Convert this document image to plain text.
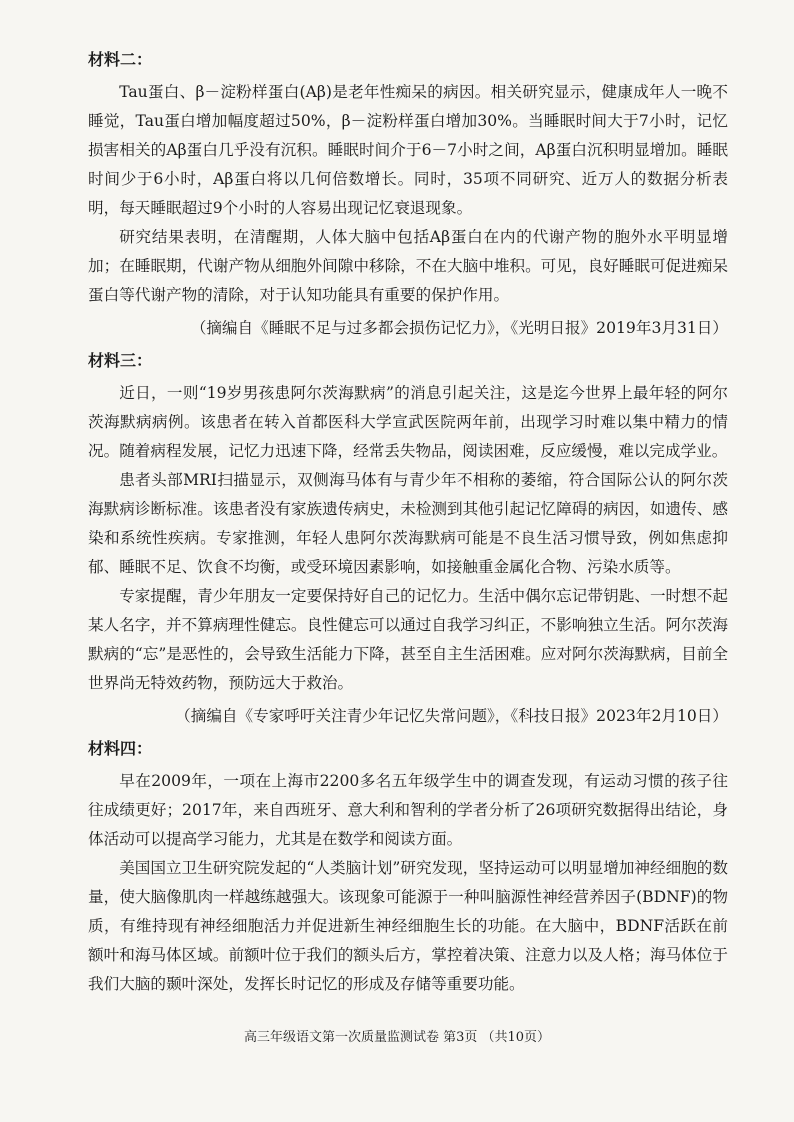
材料二：

Tau蛋白、β－淀粉样蛋白(Aβ)是老年性痴呆的病因。相关研究显示，健康成年人一晚不睡觉，Tau蛋白增加幅度超过50%，β－淀粉样蛋白增加30%。当睡眠时间大于7小时，记忆损害相关的Aβ蛋白几乎没有沉积。睡眠时间介于6－7小时之间，Aβ蛋白沉积明显增加。睡眠时间少于6小时，Aβ蛋白将以几何倍数增长。同时，35项不同研究、近万人的数据分析表明，每天睡眠超过9个小时的人容易出现记忆衰退现象。

研究结果表明，在清醒期，人体大脑中包括Aβ蛋白在内的代谢产物的胞外水平明显增加；在睡眠期，代谢产物从细胞外间隙中移除，不在大脑中堆积。可见，良好睡眠可促进痴呆蛋白等代谢产物的清除，对于认知功能具有重要的保护作用。

（摘编自《睡眠不足与过多都会损伤记忆力》，《光明日报》2019年3月31日）
材料三：

近日，一则“19岁男孩患阿尔茨海默病”的消息引起关注，这是迄今世界上最年轻的阿尔茨海默病病例。该患者在转入首都医科大学宣武医院两年前，出现学习时难以集中精力的情况。随着病程发展，记忆力迅速下降，经常丢失物品，阅读困难，反应缓慢，难以完成学业。

患者头部MRI扫描显示，双侧海马体有与青少年不相称的萎缩，符合国际公认的阿尔茨海默病诊断标准。该患者没有家族遗传病史，未检测到其他引起记忆障碍的病因，如遗传、感染和系统性疾病。专家推测，年轻人患阿尔茨海默病可能是不良生活习惯导致，例如焦虑抑郁、睡眠不足、饮食不均衡，或受环境因素影响，如接触重金属化合物、污染水质等。

专家提醒，青少年朋友一定要保持好自己的记忆力。生活中偶尔忘记带钥匙、一时想不起某人名字，并不算病理性健忘。良性健忘可以通过自我学习纠正，不影响独立生活。阿尔茨海默病的“忘”是恶性的，会导致生活能力下降，甚至自主生活困难。应对阿尔茨海默病，目前全世界尚无特效药物，预防远大于救治。

（摘编自《专家呼吁关注青少年记忆失常问题》，《科技日报》2023年2月10日）
材料四：

早在2009年，一项在上海市2200多名五年级学生中的调查发现，有运动习惯的孩子往往成绩更好；2017年，来自西班牙、意大利和智利的学者分析了26项研究数据得出结论，身体活动可以提高学习能力，尤其是在数学和阅读方面。

美国国立卫生研究院发起的“人类脑计划”研究发现，坚持运动可以明显增加神经细胞的数量，使大脑像肌肉一样越练越强大。该现象可能源于一种叫脑源性神经营养因子(BDNF)的物质，有维持现有神经细胞活力并促进新生神经细胞生长的功能。在大脑中，BDNF活跃在前额叶和海马体区域。前额叶位于我们的额头后方，掌控着决策、注意力以及人格；海马体位于我们大脑的颞叶深处，发挥长时记忆的形成及存储等重要功能。

高三年级语文第一次质量监测试卷 第3页 （共10页）
